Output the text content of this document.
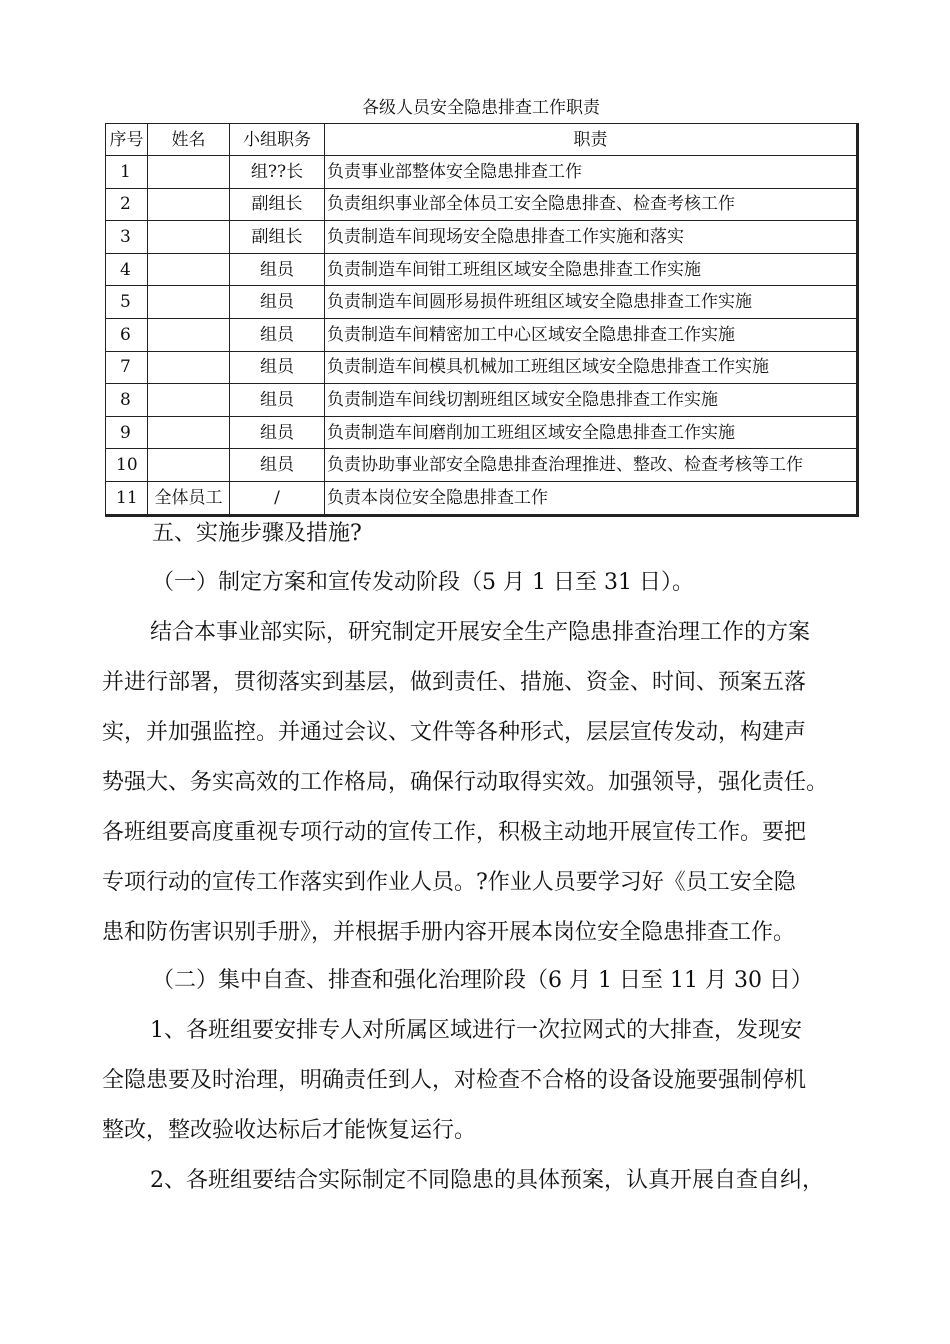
各级人员安全隐患排查工作职责
序号	姓名	小组职务	职责
1		组??长	负责事业部整体安全隐患排查工作
2		副组长	负责组织事业部全体员工安全隐患排查、检查考核工作
3		副组长	负责制造车间现场安全隐患排查工作实施和落实
4		组员	负责制造车间钳工班组区域安全隐患排查工作实施
5		组员	负责制造车间圆形易损件班组区域安全隐患排查工作实施
6		组员	负责制造车间精密加工中心区域安全隐患排查工作实施
7		组员	负责制造车间模具机械加工班组区域安全隐患排查工作实施
8		组员	负责制造车间线切割班组区域安全隐患排查工作实施
9		组员	负责制造车间磨削加工班组区域安全隐患排查工作实施
10		组员	负责协助事业部安全隐患排查治理推进、整改、检查考核等工作
11	全体员工	/	负责本岗位安全隐患排查工作
五、实施步骤及措施?
（一）制定方案和宣传发动阶段（5 月 1 日至 31 日）。
结合本事业部实际，研究制定开展安全生产隐患排查治理工作的方案
并进行部署，贯彻落实到基层，做到责任、措施、资金、时间、预案五落
实，并加强监控。并通过会议、文件等各种形式，层层宣传发动，构建声
势强大、务实高效的工作格局，确保行动取得实效。加强领导，强化责任。
各班组要高度重视专项行动的宣传工作，积极主动地开展宣传工作。要把
专项行动的宣传工作落实到作业人员。?作业人员要学习好《员工安全隐
患和防伤害识别手册》，并根据手册内容开展本岗位安全隐患排查工作。
（二）集中自查、排查和强化治理阶段（6 月 1 日至 11 月 30 日）
1、各班组要安排专人对所属区域进行一次拉网式的大排查，发现安
全隐患要及时治理，明确责任到人，对检查不合格的设备设施要强制停机
整改，整改验收达标后才能恢复运行。
2、各班组要结合实际制定不同隐患的具体预案，认真开展自查自纠，
